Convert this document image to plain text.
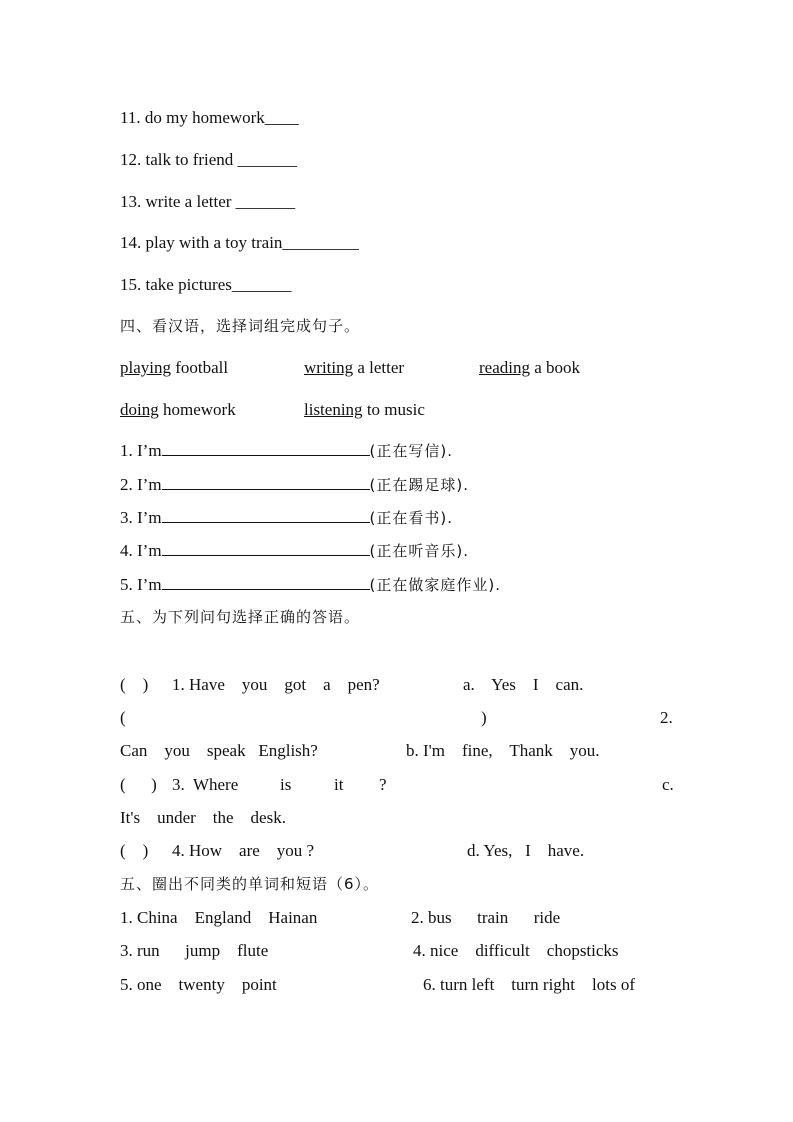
11. do my homework____
12. talk to friend _______
13. write a letter _______
14. play with a toy train_________
15. take pictures_______
四、看汉语，选择词组完成句子。
playing football	writing a letter	reading a book
doing homework	listening to music
1. I’m	(正在写信).
2. I’m	(正在踢足球).
3. I’m	(正在看书).
4. I’m	(正在听音乐).
5. I’m	(正在做家庭作业).
五、为下列问句选择正确的答语。
(    ) 1. Have    you    got    a    pen?	a.    Yes    I    can.
(	)	2.
Can    you    speak   English?	b. I'm    fine,    Thank    you.
(      ) 3.  Where is	it ?	c.
It's    under    the    desk.
(    ) 4. How    are    you ?	d. Yes,   I    have.
五、圈出不同类的单词和短语（6）。
1. China    England    Hainan	2. bus      train      ride
3. run      jump    flute	4. nice    difficult    chopsticks
5. one    twenty    point	6. turn left    turn right    lots of
